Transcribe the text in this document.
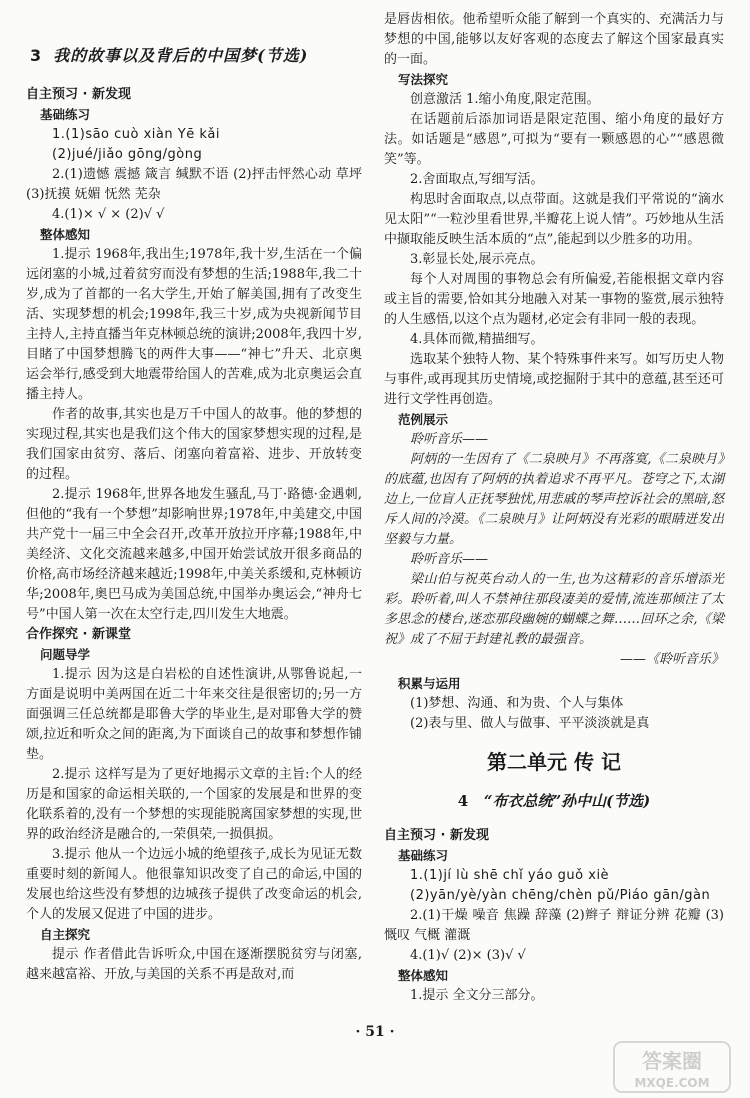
3 我的故事以及背后的中国梦(节选)

自主预习 · 新发现

基础练习

1.(1)sāo cuò xiàn Yē kǎi

(2)jué/jiǎo gōng/gòng

2.(1)遗憾 震撼 箴言 缄默不语 (2)抨击怦然心动 草坪 (3)抚摸 妩媚 怃然 芜杂

4.(1)× √ × (2)√ √

整体感知

1.提示 1968年,我出生;1978年,我十岁,生活在一个偏远闭塞的小城,过着贫穷而没有梦想的生活;1988年,我二十岁,成为了首都的一名大学生,开始了解美国,拥有了改变生活、实现梦想的机会;1998年,我三十岁,成为央视新闻节目主持人,主持直播当年克林顿总统的演讲;2008年,我四十岁,目睹了中国梦想腾飞的两件大事——“神七”升天、北京奥运会举行,感受到大地震带给国人的苦难,成为北京奥运会直播主持人。

作者的故事,其实也是万千中国人的故事。他的梦想的实现过程,其实也是我们这个伟大的国家梦想实现的过程,是我们国家由贫穷、落后、闭塞向着富裕、进步、开放转变的过程。

2.提示 1968年,世界各地发生骚乱,马丁·路德·金遇刺,但他的“我有一个梦想”却影响世界;1978年,中美建交,中国共产党十一届三中全会召开,改革开放拉开序幕;1988年,中美经济、文化交流越来越多,中国开始尝试放开很多商品的价格,高市场经济越来越近;1998年,中美关系缓和,克林顿访华;2008年,奥巴马成为美国总统,中国举办奥运会,“神舟七号”中国人第一次在太空行走,四川发生大地震。

合作探究 · 新课堂

问题导学

1.提示 因为这是白岩松的自述性演讲,从鄂鲁说起,一方面是说明中美两国在近二十年来交往是很密切的;另一方面强调三任总统都是耶鲁大学的毕业生,是对耶鲁大学的赞颂,拉近和听众之间的距离,为下面谈自己的故事和梦想作铺垫。

2.提示 这样写是为了更好地揭示文章的主旨:个人的经历是和国家的命运相关联的,一个国家的发展是和世界的变化联系着的,没有一个梦想的实现能脱离国家梦想的实现,世界的政治经济是融合的,一荣俱荣,一损俱损。

3.提示 他从一个边远小城的绝望孩子,成长为见证无数重要时刻的新闻人。他很靠知识改变了自己的命运,中国的发展也给这些没有梦想的边城孩子提供了改变命运的机会,个人的发展又促进了中国的进步。

自主探究

提示 作者借此告诉听众,中国在逐渐摆脱贫穷与闭塞,越来越富裕、开放,与美国的关系不再是敌对,而

是唇齿相依。他希望听众能了解到一个真实的、充满活力与梦想的中国,能够以友好客观的态度去了解这个国家最真实的一面。

写法探究

创意激活 1.缩小角度,限定范围。

在话题前后添加词语是限定范围、缩小角度的最好方法。如话题是“感恩”,可拟为“要有一颗感恩的心”“感恩微笑”等。

2.舍面取点,写细写活。

构思时舍面取点,以点带面。这就是我们平常说的“滴水见太阳”“一粒沙里看世界,半瓣花上说人情”。巧妙地从生活中撷取能反映生活本质的“点”,能起到以少胜多的功用。

3.彰显长处,展示亮点。

每个人对周围的事物总会有所偏爱,若能根据文章内容或主旨的需要,恰如其分地融入对某一事物的鉴赏,展示独特的人生感悟,以这个点为题材,必定会有非同一般的表现。

4.具体而微,精描细写。

选取某个独特人物、某个特殊事件来写。如写历史人物与事件,或再现其历史情境,或挖掘附于其中的意蕴,甚至还可进行文学性再创造。

范例展示

聆听音乐——

阿炳的一生因有了《二泉映月》不再落寞,《二泉映月》的底蕴,也因有了阿炳的执着追求不再平凡。苍穹之下,太湖边上,一位盲人正抚琴独忧,用悲戚的琴声控诉社会的黑暗,怒斥人间的冷漠。《二泉映月》让阿炳没有光彩的眼睛迸发出坚毅与力量。

聆听音乐——

梁山伯与祝英台动人的一生,也为这精彩的音乐增添光彩。聆听着,叫人不禁神往那段凄美的爱情,流连那倾注了太多思念的楼台,迷恋那段幽婉的蝴蝶之舞……回环之余,《梁祝》成了不屈于封建礼教的最强音。

——《聆听音乐》

积累与运用

(1)梦想、沟通、和为贵、个人与集体

(2)表与里、做人与做事、平平淡淡就是真

第二单元 传 记
4 “布衣总统”孙中山(节选)

自主预习 · 新发现

基础练习

1.(1)jí lù shē chǐ yáo guǒ xiè

(2)yān/yè/yàn chēng/chèn pǔ/Piáo gān/gàn

2.(1)干燥 噪音 焦躁 辞藻 (2)辫子 辩证分辨 花瓣 (3)慨叹 气概 灌溉

4.(1)√ (2)× (3)√ √

整体感知

1.提示 全文分三部分。

· 51 ·
答案圈
MXQE.COM
